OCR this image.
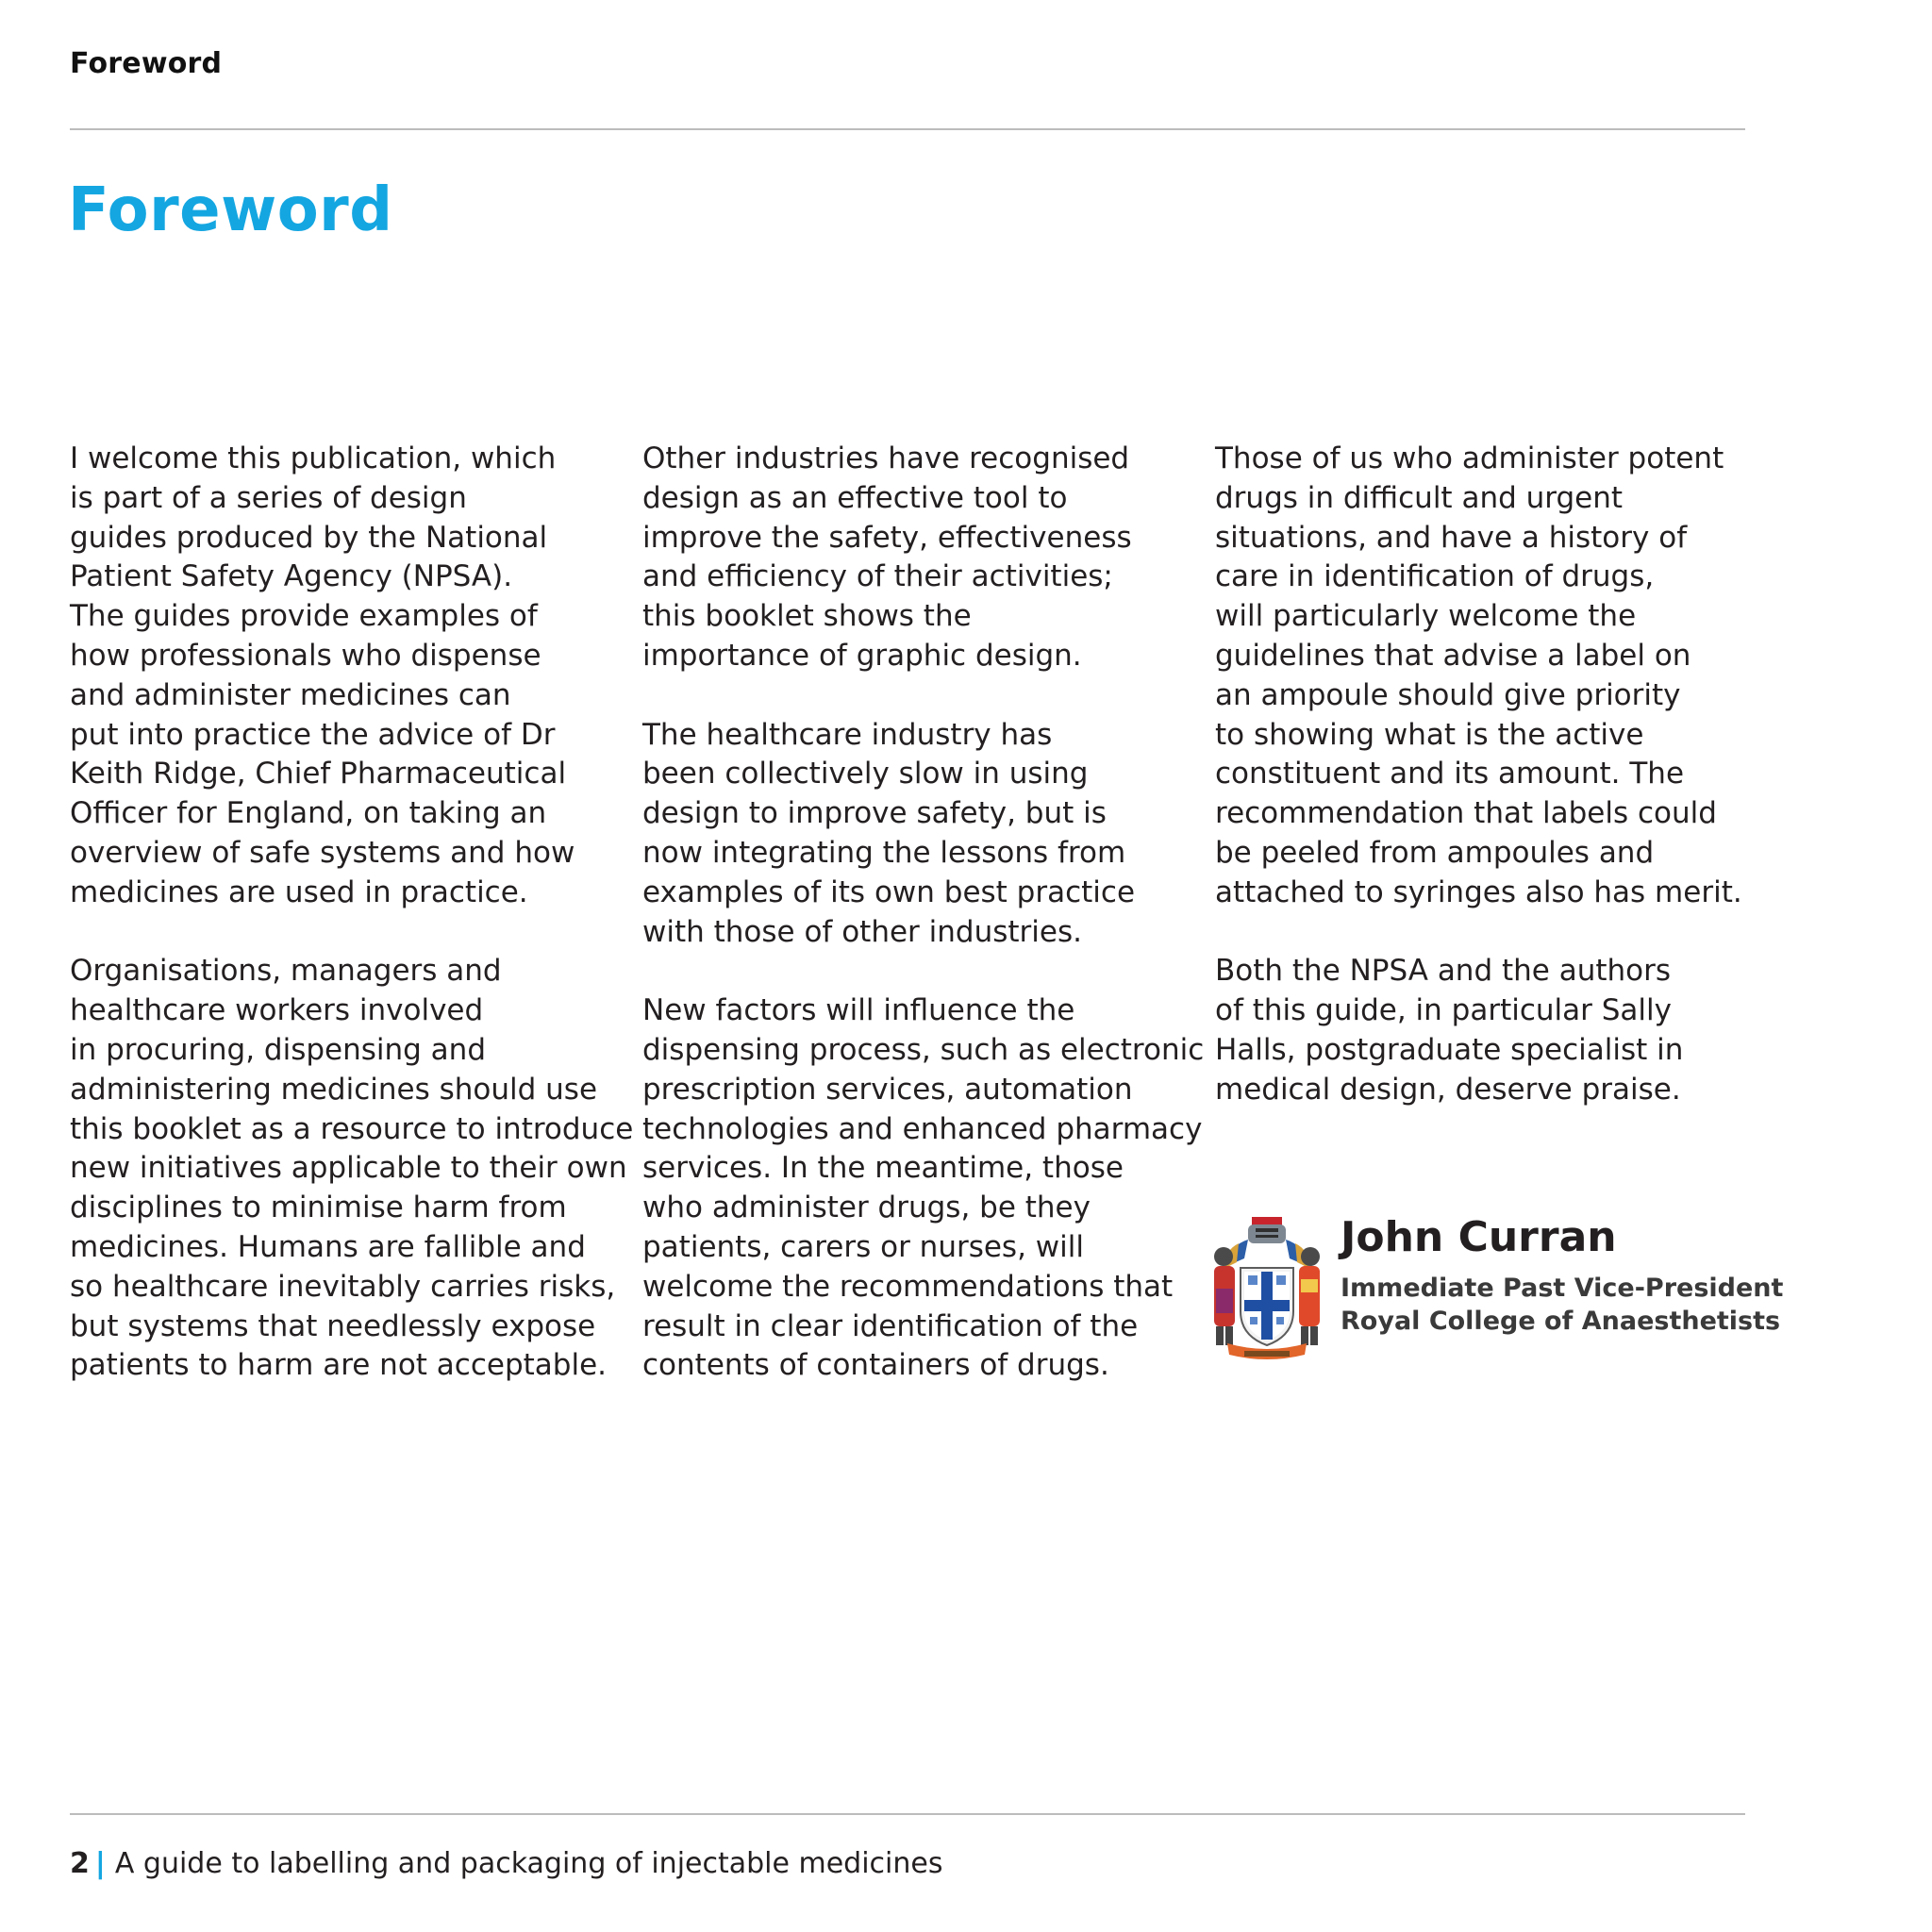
Foreword
Foreword

I welcome this publication, which
is part of a series of design
guides produced by the National
Patient Safety Agency (NPSA).
The guides provide examples of
how professionals who dispense
and administer medicines can
put into practice the advice of Dr
Keith Ridge, Chief Pharmaceutical
Officer for England, on taking an
overview of safe systems and how
medicines are used in practice.

Organisations, managers and
healthcare workers involved
in procuring, dispensing and
administering medicines should use
this booklet as a resource to introduce
new initiatives applicable to their own
disciplines to minimise harm from
medicines. Humans are fallible and
so healthcare inevitably carries risks,
but systems that needlessly expose
patients to harm are not acceptable.

Other industries have recognised
design as an effective tool to
improve the safety, effectiveness
and efficiency of their activities;
this booklet shows the
importance of graphic design.

The healthcare industry has
been collectively slow in using
design to improve safety, but is
now integrating the lessons from
examples of its own best practice
with those of other industries.

New factors will influence the
dispensing process, such as electronic
prescription services, automation
technologies and enhanced pharmacy
services. In the meantime, those
who administer drugs, be they
patients, carers or nurses, will
welcome the recommendations that
result in clear identification of the
contents of containers of drugs.

Those of us who administer potent
drugs in difficult and urgent
situations, and have a history of
care in identification of drugs,
will particularly welcome the
guidelines that advise a label on
an ampoule should give priority
to showing what is the active
constituent and its amount. The
recommendation that labels could
be peeled from ampoules and
attached to syringes also has merit.

Both the NPSA and the authors
of this guide, in particular Sally
Halls, postgraduate specialist in
medical design, deserve praise.

John Curran
Immediate Past Vice-President
Royal College of Anaesthetists
2 | A guide to labelling and packaging of injectable medicines
